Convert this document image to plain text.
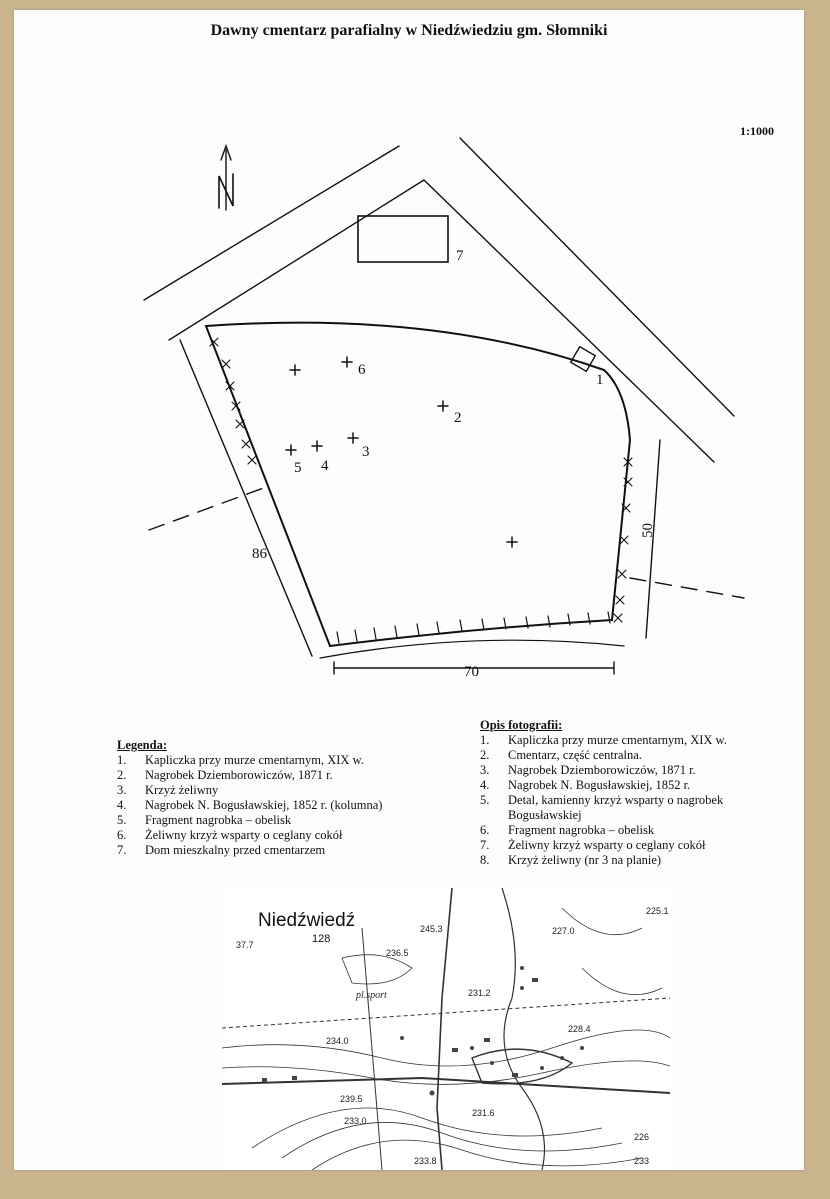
Dawny cmentarz parafialny w Niedźwiedziu gm. Słomniki
1:1000
1
2
3
4
5
6
7
86
70
50
Legenda:
1.	Kapliczka przy murze cmentarnym, XIX w.
2.	Nagrobek Dziemborowiczów, 1871 r.
3.	Krzyż żeliwny
4.	Nagrobek N. Bogusławskiej, 1852 r. (kolumna)
5.	Fragment nagrobka – obelisk
6.	Żeliwny krzyż wsparty o ceglany cokół
7.	Dom mieszkalny przed cmentarzem
Opis fotografii:
1.	Kapliczka przy murze cmentarnym, XIX w.
2.	Cmentarz, część centralna.
3.	Nagrobek Dziemborowiczów, 1871 r.
4.	Nagrobek N. Bogusławskiej, 1852 r.
5.	Detal, kamienny krzyż wsparty o nagrobek Bogusławskiej
6.	Fragment nagrobka – obelisk
7.	Żeliwny krzyż wsparty o ceglany cokół
8.	Krzyż żeliwny (nr 3 na planie)
Niedźwiedź
128
pl.sport
37.7
245.3
236.5
227.0
225.1
231.2
228.4
234.0
239.5
233.0
231.6
226
233
233.8
